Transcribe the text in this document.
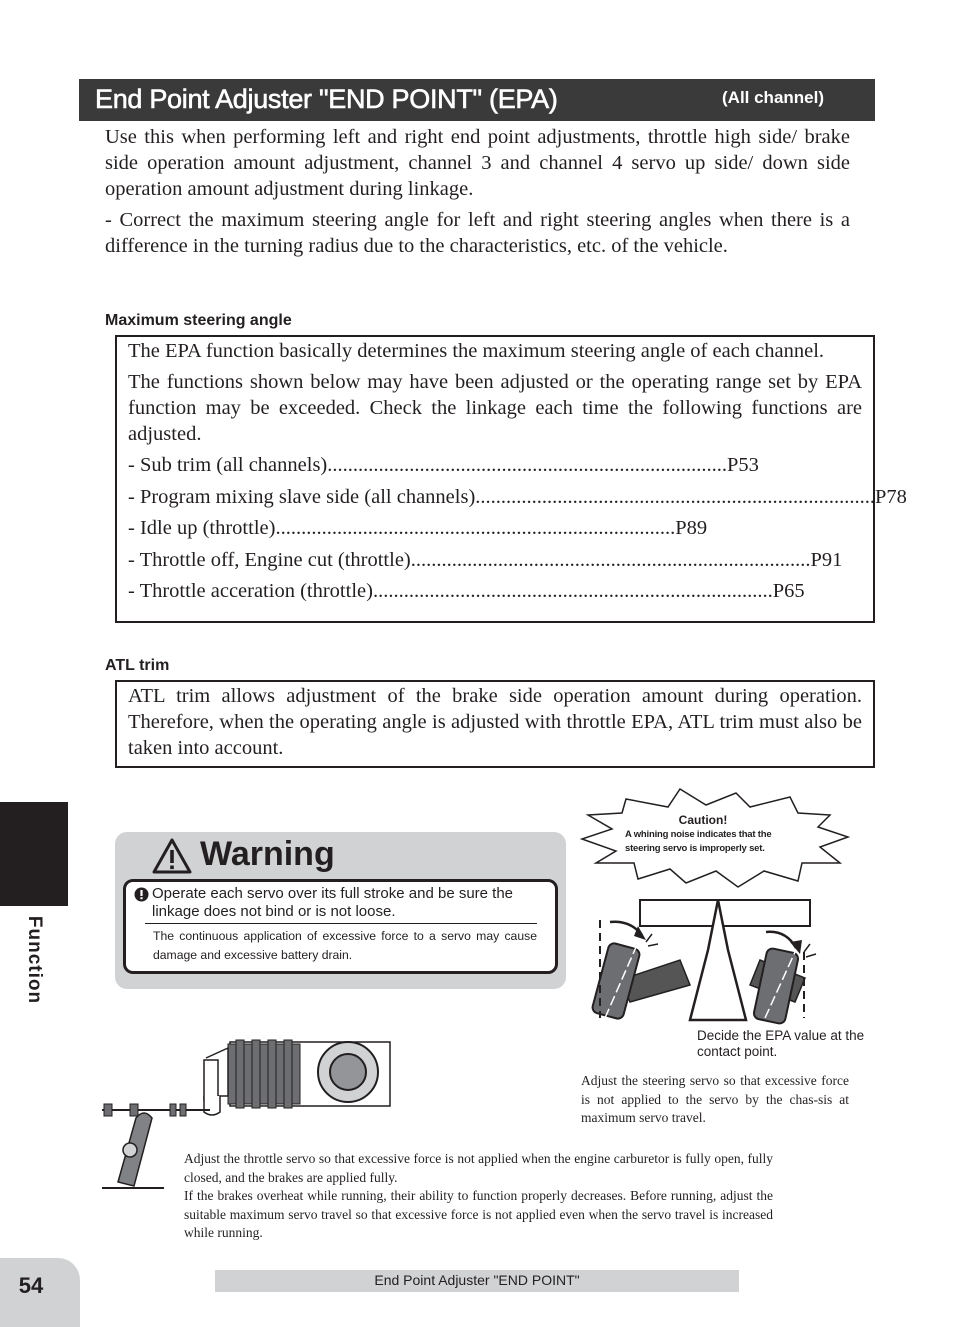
End Point Adjuster "END POINT" (EPA)	(All channel)

Use this when performing left and right end point adjustments, throttle high side/ brake side operation amount adjustment, channel 3 and channel 4 servo up side/ down side operation amount adjustment during linkage.

- Correct the maximum steering angle for left and right steering angles when there is a difference in the turning radius due to the characteristics, etc. of the vehicle.

Maximum steering angle

The EPA function basically determines the maximum steering angle of each channel.

The functions shown below may have been adjusted or the operating range set by EPA function may be exceeded. Check the linkage each time the following functions are adjusted.

- Sub trim (all channels) .............................................................................. P53
- Program mixing slave side (all channels) .............................................................................. P78
- Idle up (throttle) .............................................................................. P89
- Throttle off, Engine cut (throttle) .............................................................................. P91
- Throttle acceration (throttle) .............................................................................. P65
ATL trim
ATL trim allows adjustment of the brake side operation amount during operation. Therefore, when the operating angle is adjusted with throttle EPA, ATL trim must also be taken into account.
Function
Warning
Operate each servo over its full stroke and be sure the linkage does not bind or is not loose.
The continuous application of excessive force to a servo may cause damage and excessive battery drain.
Caution!
A whining noise indicates that the steering servo is improperly set.
Decide the EPA value at the contact point.
Adjust the steering servo so that excessive force is not applied to the servo by the chas-sis at maximum servo travel.
Adjust the throttle servo so that excessive force is not applied when the engine carburetor is fully open, fully closed, and the brakes are applied fully.
If the brakes overheat while running, their ability to function properly decreases. Before running, adjust the suitable maximum servo travel so that excessive force is not applied even when the servo travel is increased while running.
54	End Point Adjuster "END POINT"
